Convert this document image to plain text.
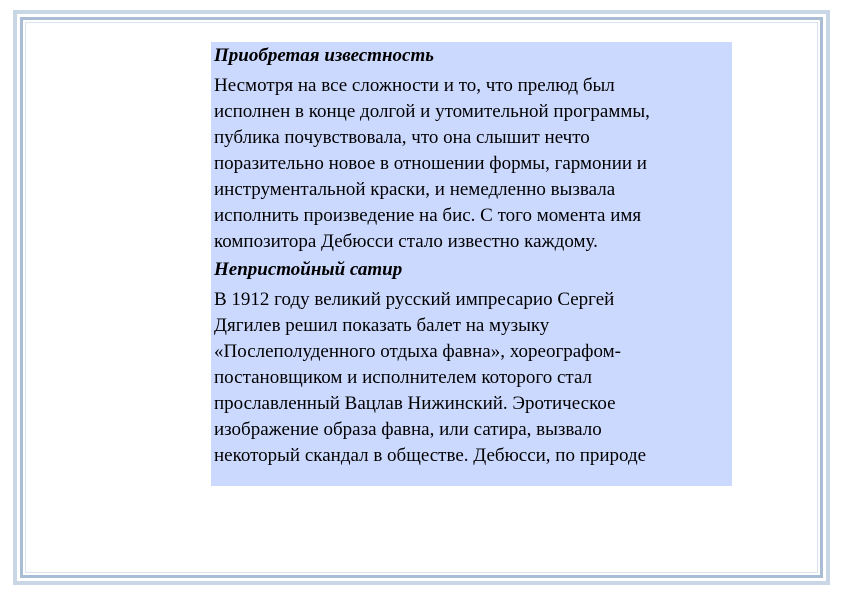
Приобретая известность
Несмотря на все сложности и то, что прелюд был
исполнен в конце долгой и утомительной программы,
публика почувствовала, что она слышит нечто
поразительно новое в отношении формы, гармонии и
инструментальной краски, и немедленно вызвала
исполнить произведение на бис. С того момента имя
композитора Дебюсси стало известно каждому.
Непристойный сатир
В 1912 году великий русский импресарио Сергей
Дягилев решил показать балет на музыку
«Послеполуденного отдыха фавна», хореографом-
постановщиком и исполнителем которого стал
прославленный Вацлав Нижинский. Эротическое
изображение образа фавна, или сатира, вызвало
некоторый скандал в обществе. Дебюсси, по природе
